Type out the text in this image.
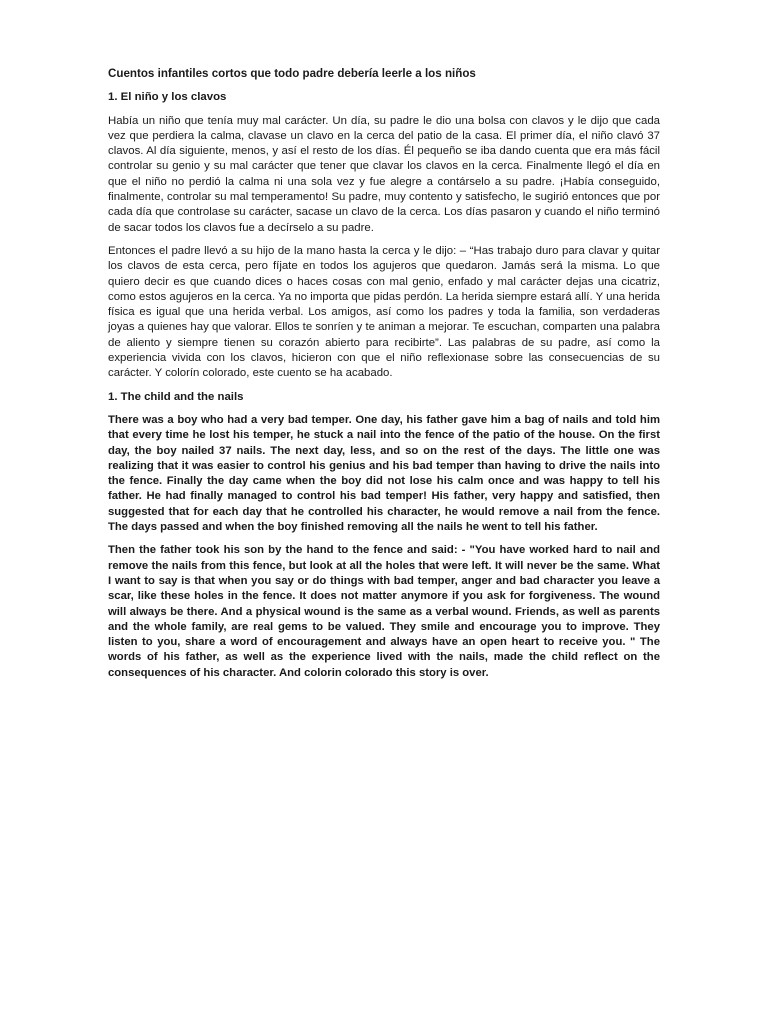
Cuentos infantiles cortos que todo padre debería leerle a los niños
1. El niño y los clavos

Había un niño que tenía muy mal carácter. Un día, su padre le dio una bolsa con clavos y le dijo que cada vez que perdiera la calma, clavase un clavo en la cerca del patio de la casa. El primer día, el niño clavó 37 clavos. Al día siguiente, menos, y así el resto de los días. Él pequeño se iba dando cuenta que era más fácil controlar su genio y su mal carácter que tener que clavar los clavos en la cerca. Finalmente llegó el día en que el niño no perdió la calma ni una sola vez y fue alegre a contárselo a su padre. ¡Había conseguido, finalmente, controlar su mal temperamento! Su padre, muy contento y satisfecho, le sugirió entonces que por cada día que controlase su carácter, sacase un clavo de la cerca. Los días pasaron y cuando el niño terminó de sacar todos los clavos fue a decírselo a su padre.

Entonces el padre llevó a su hijo de la mano hasta la cerca y le dijo: – “Has trabajo duro para clavar y quitar los clavos de esta cerca, pero fíjate en todos los agujeros que quedaron. Jamás será la misma. Lo que quiero decir es que cuando dices o haces cosas con mal genio, enfado y mal carácter dejas una cicatriz, como estos agujeros en la cerca. Ya no importa que pidas perdón. La herida siempre estará allí. Y una herida física es igual que una herida verbal. Los amigos, así como los padres y toda la familia, son verdaderas joyas a quienes hay que valorar. Ellos te sonríen y te animan a mejorar. Te escuchan, comparten una palabra de aliento y siempre tienen su corazón abierto para recibirte”. Las palabras de su padre, así como la experiencia vivida con los clavos, hicieron con que el niño reflexionase sobre las consecuencias de su carácter. Y colorín colorado, este cuento se ha acabado.

1. The child and the nails

There was a boy who had a very bad temper. One day, his father gave him a bag of nails and told him that every time he lost his temper, he stuck a nail into the fence of the patio of the house. On the first day, the boy nailed 37 nails. The next day, less, and so on the rest of the days. The little one was realizing that it was easier to control his genius and his bad temper than having to drive the nails into the fence. Finally the day came when the boy did not lose his calm once and was happy to tell his father. He had finally managed to control his bad temper! His father, very happy and satisfied, then suggested that for each day that he controlled his character, he would remove a nail from the fence. The days passed and when the boy finished removing all the nails he went to tell his father.

Then the father took his son by the hand to the fence and said: - "You have worked hard to nail and remove the nails from this fence, but look at all the holes that were left. It will never be the same. What I want to say is that when you say or do things with bad temper, anger and bad character you leave a scar, like these holes in the fence. It does not matter anymore if you ask for forgiveness. The wound will always be there. And a physical wound is the same as a verbal wound. Friends, as well as parents and the whole family, are real gems to be valued. They smile and encourage you to improve. They listen to you, share a word of encouragement and always have an open heart to receive you. " The words of his father, as well as the experience lived with the nails, made the child reflect on the consequences of his character. And colorin colorado this story is over.
